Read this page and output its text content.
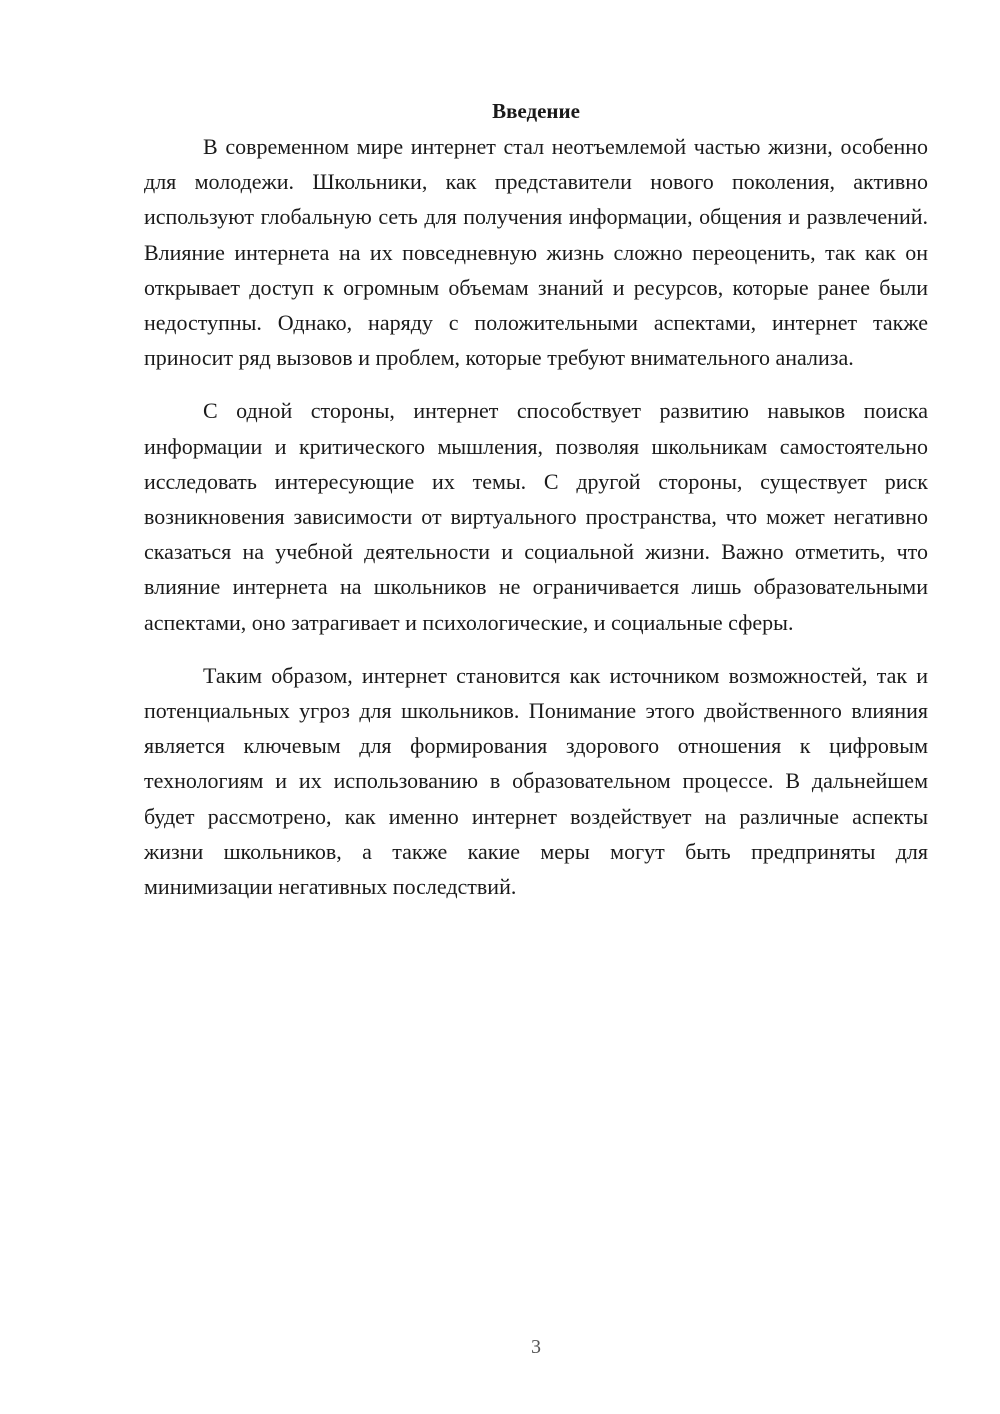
Введение

В современном мире интернет стал неотъемлемой частью жизни, особенно для молодежи. Школьники, как представители нового поколения, активно используют глобальную сеть для получения информации, общения и развлечений. Влияние интернета на их повседневную жизнь сложно переоценить, так как он открывает доступ к огромным объемам знаний и ресурсов, которые ранее были недоступны. Однако, наряду с положительными аспектами, интернет также приносит ряд вызовов и проблем, которые требуют внимательного анализа.

С одной стороны, интернет способствует развитию навыков поиска информации и критического мышления, позволяя школьникам самостоятельно исследовать интересующие их темы. С другой стороны, существует риск возникновения зависимости от виртуального пространства, что может негативно сказаться на учебной деятельности и социальной жизни. Важно отметить, что влияние интернета на школьников не ограничивается лишь образовательными аспектами, оно затрагивает и психологические, и социальные сферы.

Таким образом, интернет становится как источником возможностей, так и потенциальных угроз для школьников. Понимание этого двойственного влияния является ключевым для формирования здорового отношения к цифровым технологиям и их использованию в образовательном процессе. В дальнейшем будет рассмотрено, как именно интернет воздействует на различные аспекты жизни школьников, а также какие меры могут быть предприняты для минимизации негативных последствий.

3
